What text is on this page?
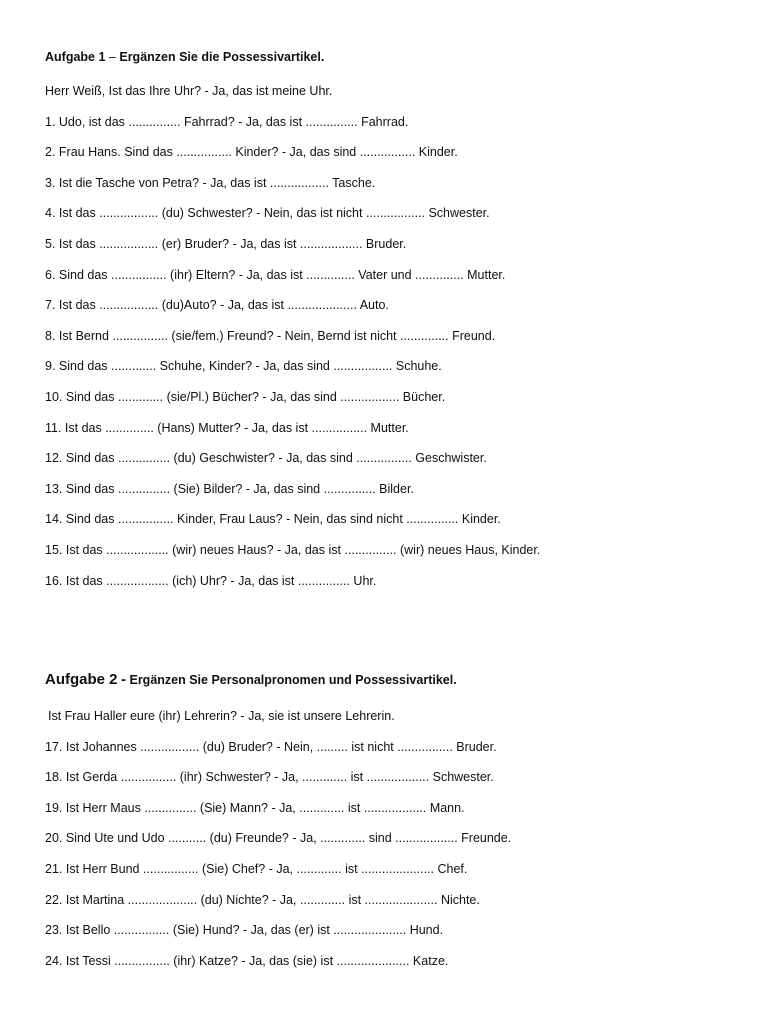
Aufgabe 1 – Ergänzen Sie die Possessivartikel.
Herr Weiß, Ist das Ihre Uhr? - Ja, das ist meine Uhr.
1. Udo, ist das ............... Fahrrad? - Ja, das ist ............... Fahrrad.
2. Frau Hans. Sind das ................ Kinder? - Ja, das sind ................ Kinder.
3. Ist die Tasche von Petra? - Ja, das ist ................. Tasche.
4. Ist das ................. (du) Schwester? - Nein, das ist nicht ................. Schwester.
5. Ist das ................. (er) Bruder? - Ja, das ist .................. Bruder.
6. Sind das ................ (ihr) Eltern? - Ja, das ist .............. Vater und .............. Mutter.
7. Ist das ................. (du)Auto? - Ja, das ist .................... Auto.
8. Ist Bernd ................ (sie/fem.) Freund? - Nein, Bernd ist nicht .............. Freund.
9. Sind das ............. Schuhe, Kinder? - Ja, das sind ................. Schuhe.
10. Sind das ............. (sie/Pl.) Bücher? - Ja, das sind ................. Bücher.
11. Ist das .............. (Hans) Mutter? - Ja, das ist ................ Mutter.
12. Sind das ............... (du) Geschwister? - Ja, das sind ................ Geschwister.
13. Sind das ............... (Sie) Bilder? - Ja, das sind ............... Bilder.
14. Sind das ................ Kinder, Frau Laus? - Nein, das sind nicht ............... Kinder.
15. Ist das .................. (wir) neues Haus? - Ja, das ist ............... (wir) neues Haus, Kinder.
16. Ist das .................. (ich) Uhr? - Ja, das ist ............... Uhr.
Aufgabe 2 - Ergänzen Sie Personalpronomen und Possessivartikel.
Ist Frau Haller eure (ihr) Lehrerin? - Ja, sie ist unsere Lehrerin.
17. Ist Johannes ................. (du) Bruder? - Nein, ......... ist nicht ................ Bruder.
18. Ist Gerda ................ (ihr) Schwester? - Ja, ............. ist .................. Schwester.
19. Ist Herr Maus ............... (Sie) Mann? - Ja, ............. ist .................. Mann.
20. Sind Ute und Udo ........... (du) Freunde? - Ja, ............. sind .................. Freunde.
21. Ist Herr Bund ................ (Sie) Chef? - Ja, ............. ist ..................... Chef.
22. Ist Martina .................... (du) Nichte? - Ja, ............. ist ..................... Nichte.
23. Ist Bello ................ (Sie) Hund? - Ja, das (er) ist ..................... Hund.
24. Ist Tessi ................ (ihr) Katze? - Ja, das (sie) ist ..................... Katze.
